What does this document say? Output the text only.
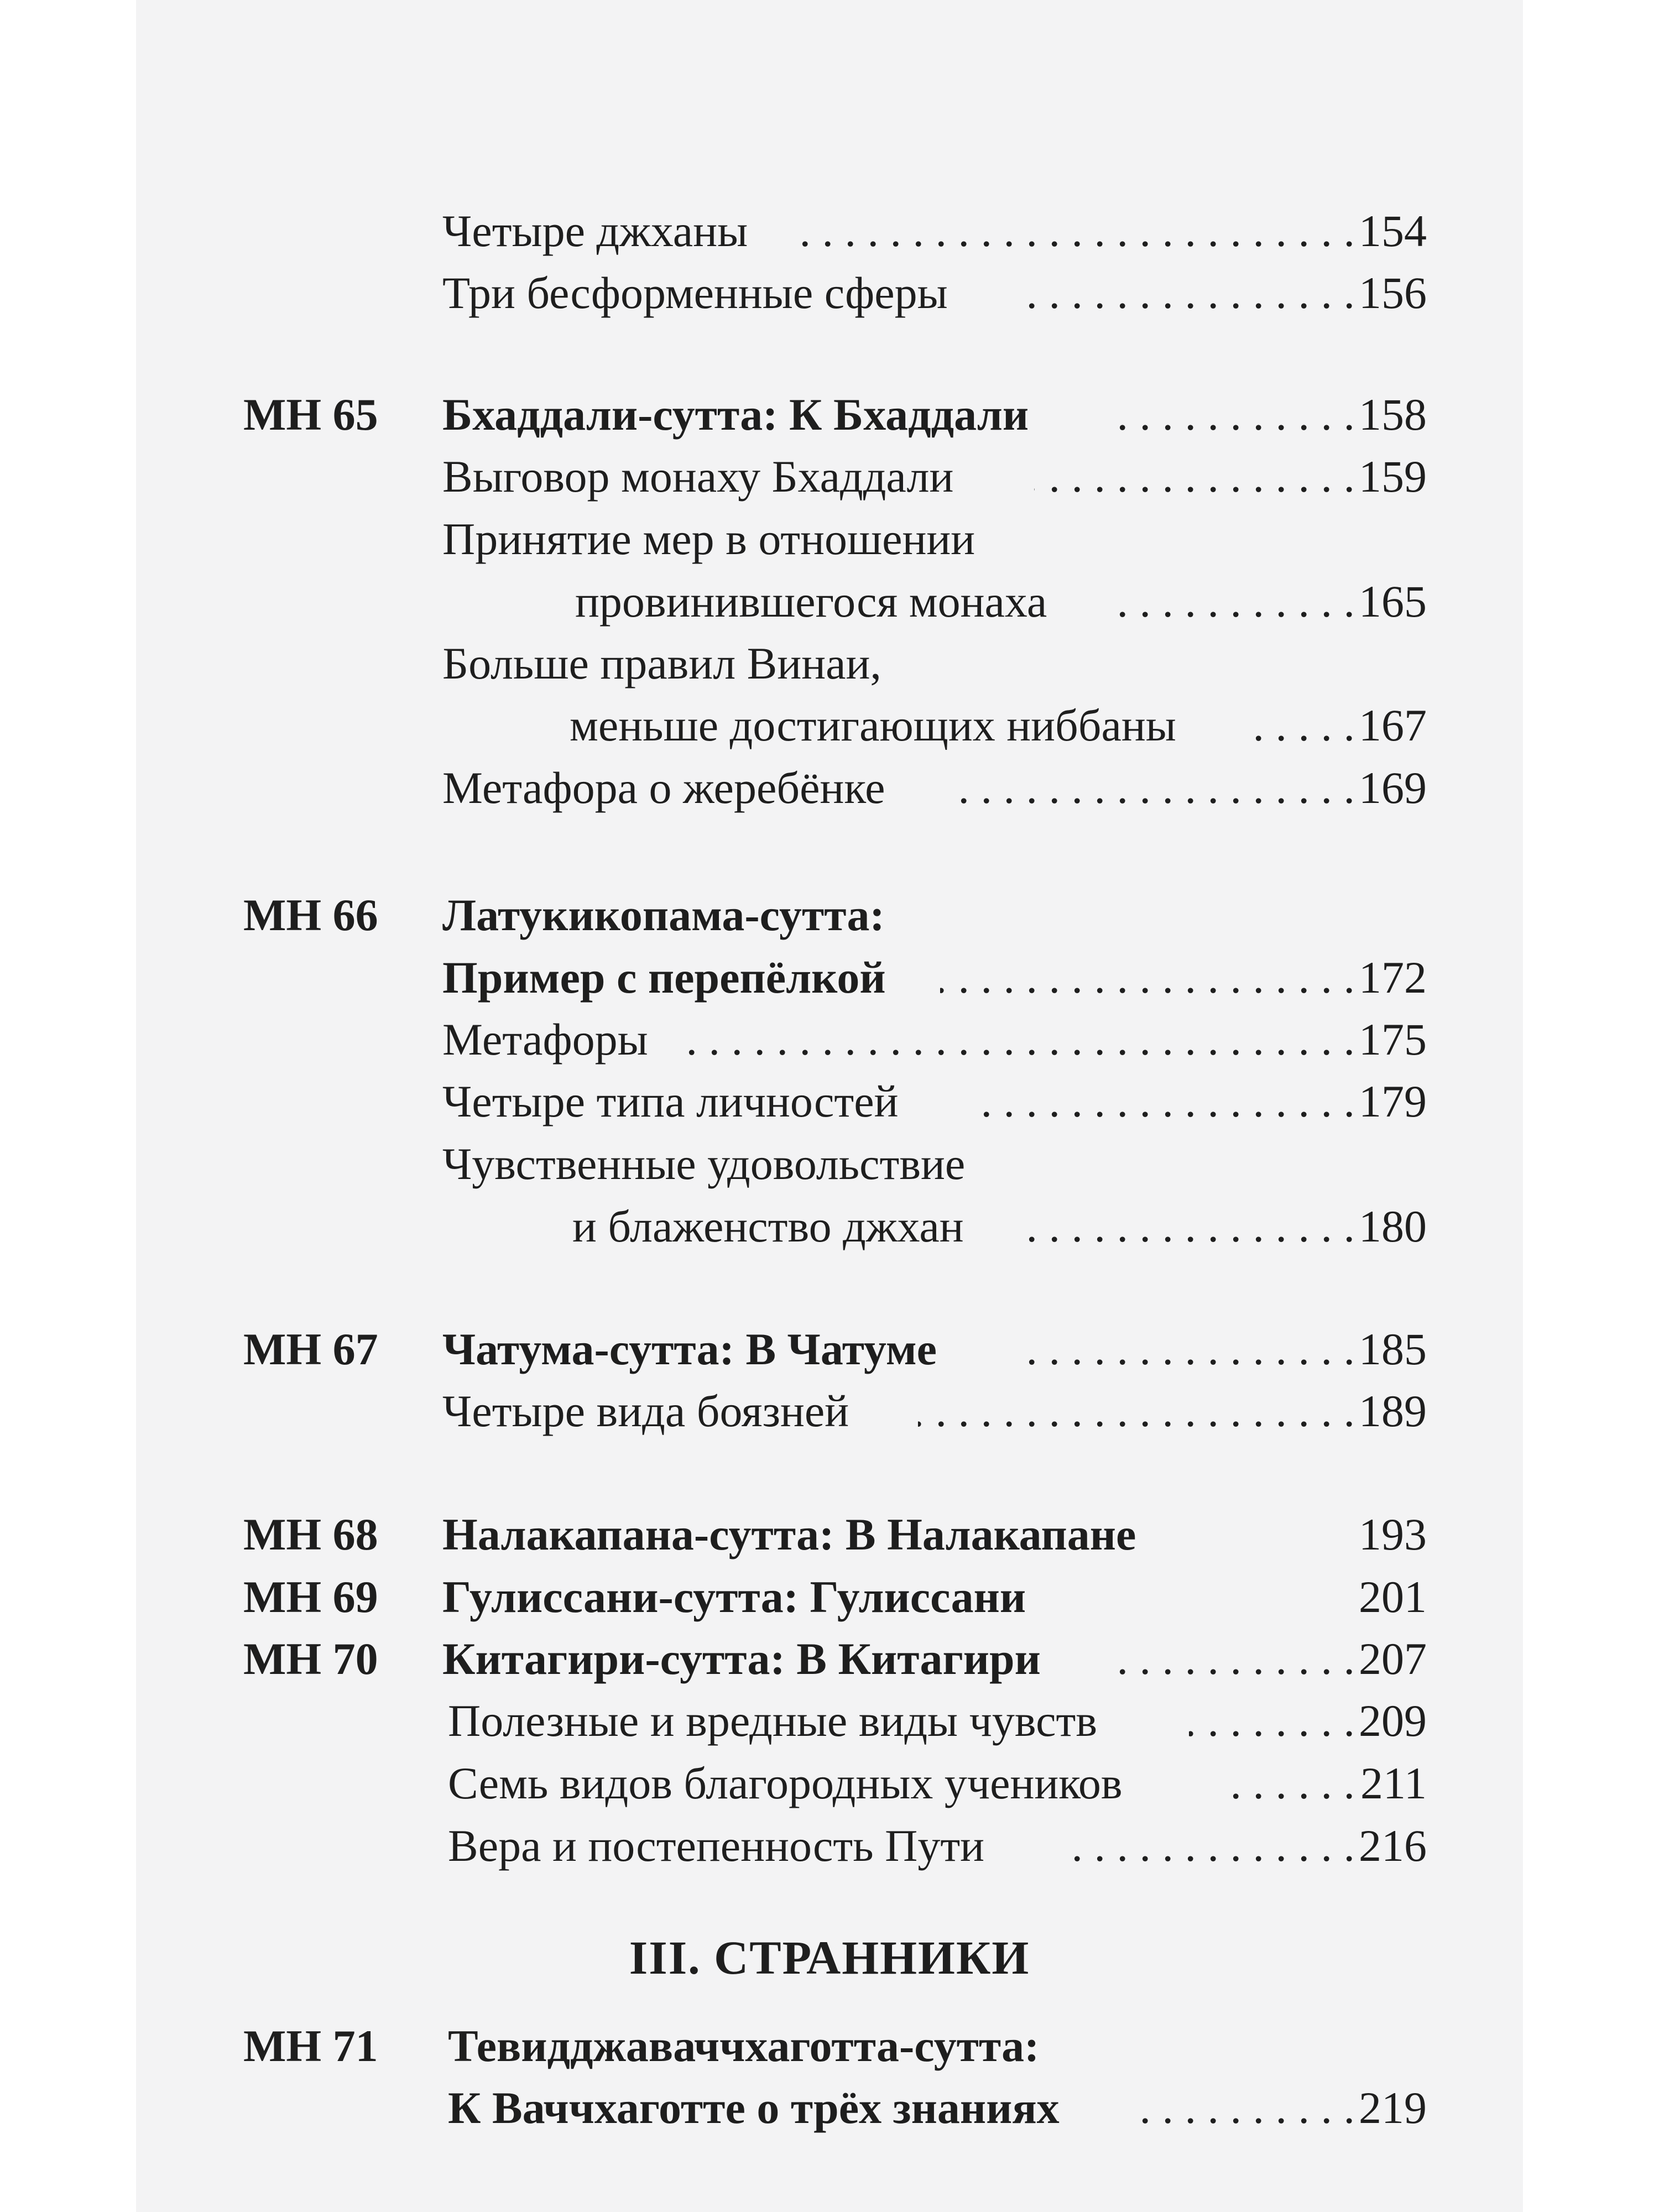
Четыре джханы . . .	154
Три бесформенные сферы . . .	156
МН 65 Бхаддали-сутта: К Бхаддали . . .	158
Выговор монаху Бхаддали . . .	159
Принятие мер в отношении
провинившегося монаха . . .	165
Больше правил Винаи,
меньше достигающих ниббаны . . .	167
Метафора о жеребёнке . . .	169
МН 66 Латукикопама-сутта:
Пример с перепёлкой . . .	172
Метафоры . . .	175
Четыре типа личностей . . .	179
Чувственные удовольствие
и блаженство джхан . . .	180
МН 67 Чатума-сутта: В Чатуме . . .	185
Четыре вида боязней . . .	189
МН 68 Налакапана-сутта: В Налакапане	193
МН 69 Гулиссани-сутта: Гулиссани	201
МН 70 Китагири-сутта: В Китагири . . .	207
Полезные и вредные виды чувств . . .	209
Семь видов благородных учеников . . .	211
Вера и постепенность Пути . . .	216
III. СТРАННИКИ
МН 71 Тевидджаваччхаготта-сутта:
К Ваччхаготте о трёх знаниях . . .	219
